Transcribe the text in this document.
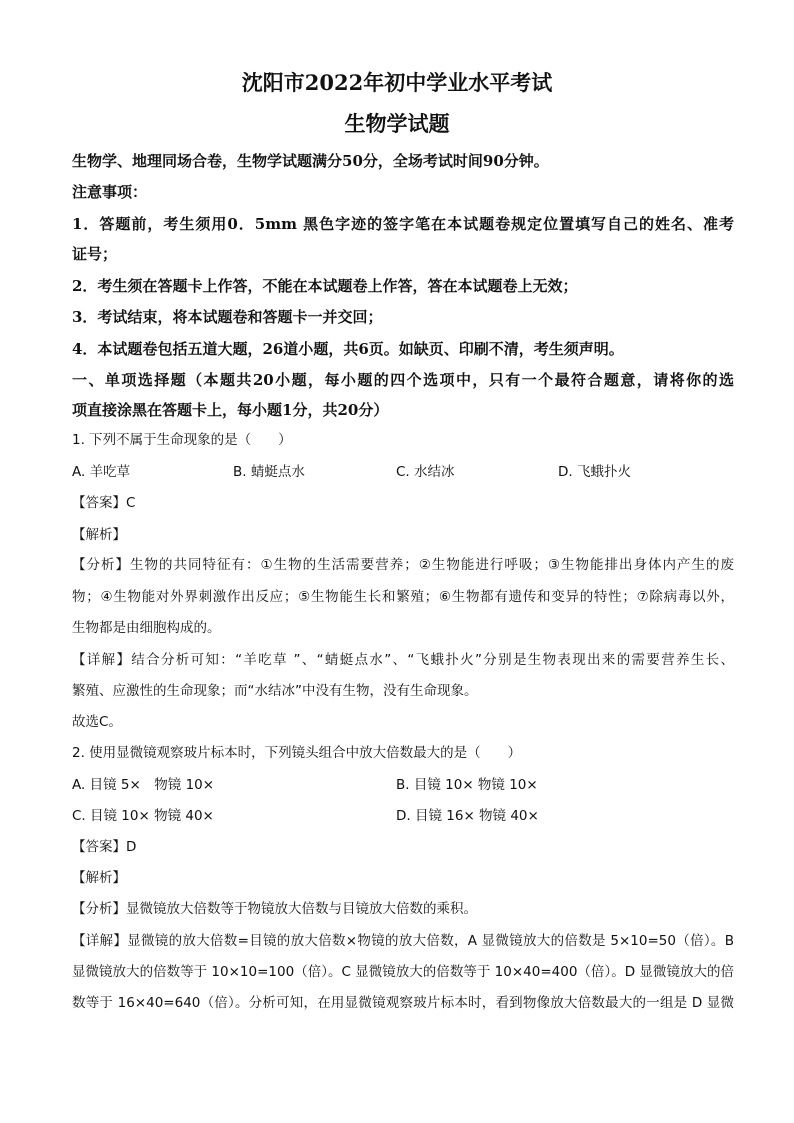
沈阳市2022年初中学业水平考试
生物学试题
生物学、地理同场合卷，生物学试题满分50分，全场考试时间90分钟。
注意事项：
1．答题前，考生须用0．5mm 黑色字迹的签字笔在本试题卷规定位置填写自己的姓名、准考
证号；
2．考生须在答题卡上作答，不能在本试题卷上作答，答在本试题卷上无效；
3．考试结束，将本试题卷和答题卡一并交回；
4．本试题卷包括五道大题，26道小题，共6页。如缺页、印刷不清，考生须声明。
一、单项选择题（本题共20小题，每小题的四个选项中，只有一个最符合题意，请将你的选
项直接涂黑在答题卡上，每小题1分，共20分）
1. 下列不属于生命现象的是（　　）
A. 羊吃草	B. 蜻蜓点水	C. 水结冰	D. 飞蛾扑火
【答案】C
【解析】
【分析】生物的共同特征有：①生物的生活需要营养；②生物能进行呼吸；③生物能排出身体内产生的废
物；④生物能对外界刺激作出反应；⑤生物能生长和繁殖；⑥生物都有遗传和变异的特性；⑦除病毒以外，
生物都是由细胞构成的。
【详解】结合分析可知：“羊吃草 ”、“蜻蜓点水”、“飞蛾扑火”分别是生物表现出来的需要营养生长、
繁殖、应激性的生命现象；而“水结冰”中没有生物，没有生命现象。
故选C。
2. 使用显微镜观察玻片标本时，下列镜头组合中放大倍数最大的是（　　）
A. 目镜 5×　物镜 10×	B. 目镜 10× 物镜 10×
C. 目镜 10× 物镜 40×	D. 目镜 16× 物镜 40×
【答案】D
【解析】
【分析】显微镜放大倍数等于物镜放大倍数与目镜放大倍数的乘积。
【详解】显微镜的放大倍数=目镜的放大倍数×物镜的放大倍数，A 显微镜放大的倍数是 5×10=50（倍）。B
显微镜放大的倍数等于 10×10=100（倍）。C 显微镜放大的倍数等于 10×40=400（倍）。D 显微镜放大的倍
数等于 16×40=640（倍）。分析可知，在用显微镜观察玻片标本时，看到物像放大倍数最大的一组是 D 显微
